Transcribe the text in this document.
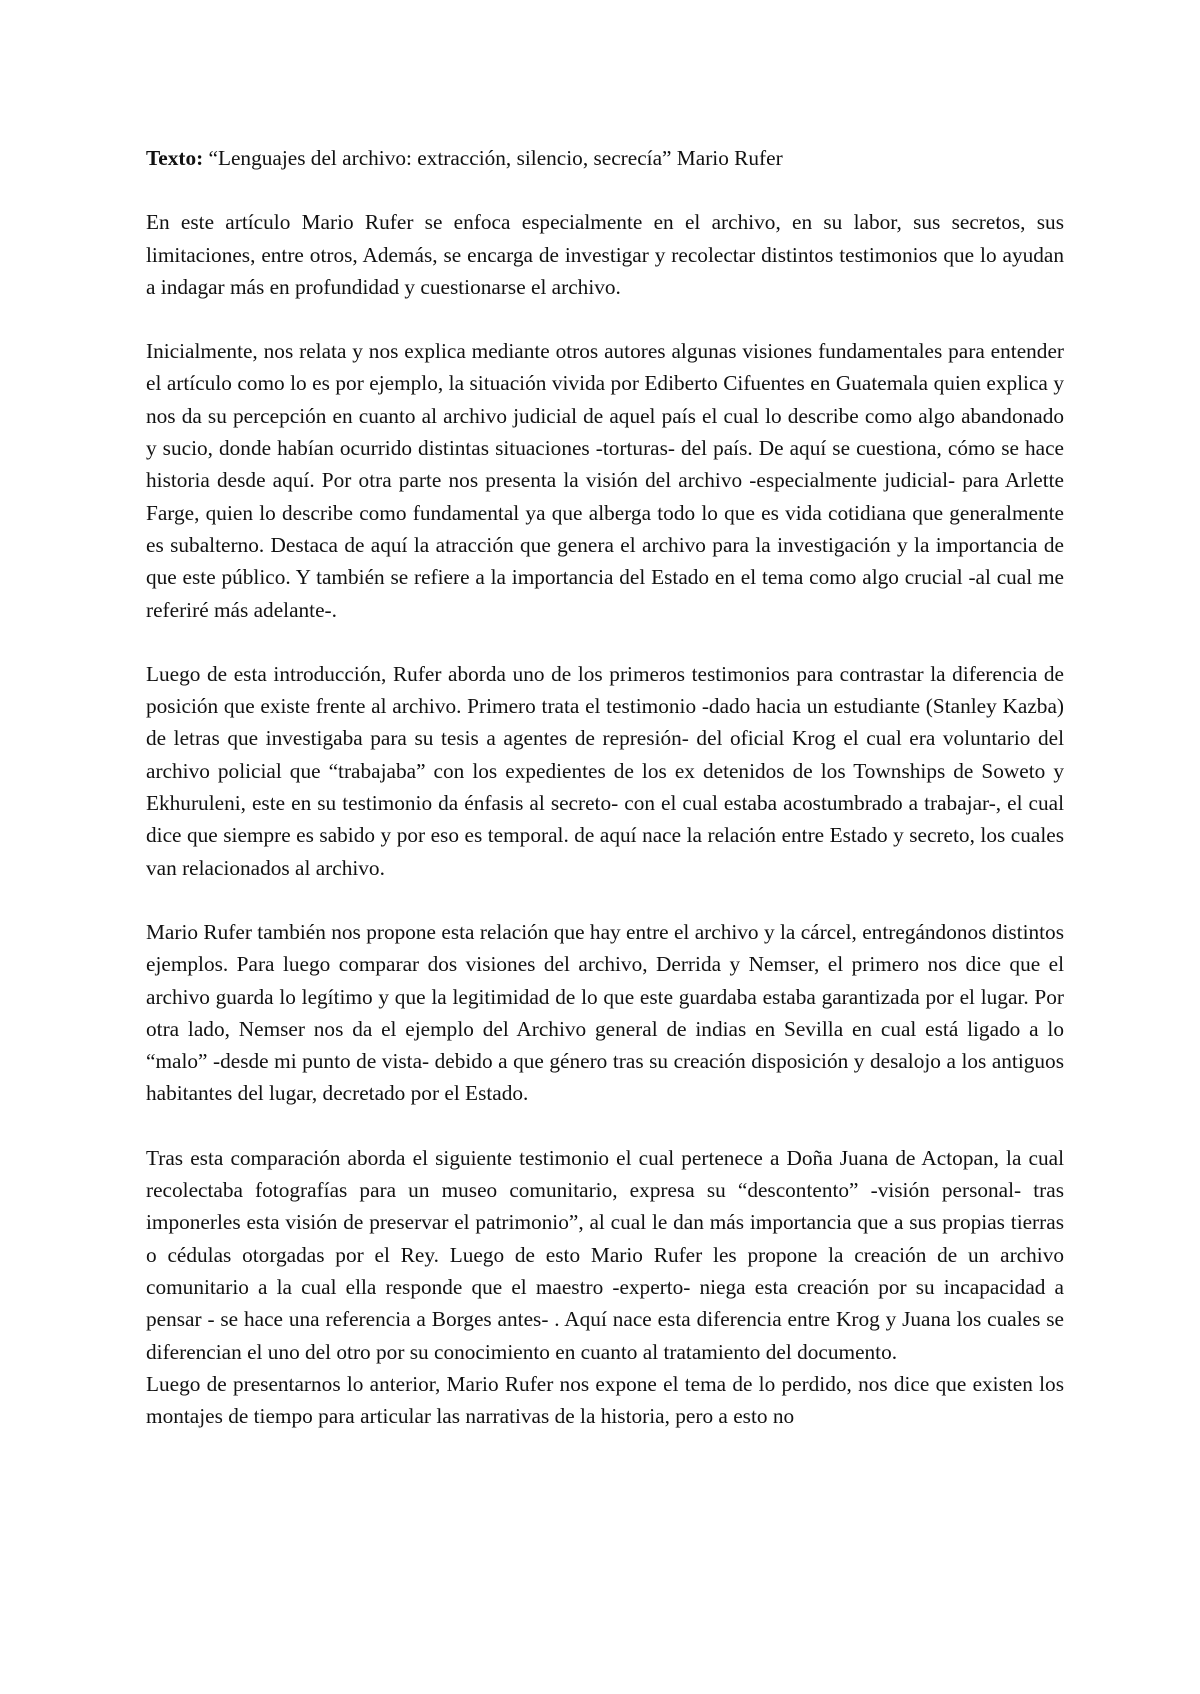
Texto: “Lenguajes del archivo: extracción, silencio, secrecía” Mario Rufer

En este artículo Mario Rufer se enfoca especialmente en el archivo, en su labor, sus secretos, sus limitaciones, entre otros, Además, se encarga de investigar y recolectar distintos testimonios que lo ayudan a indagar más en profundidad y cuestionarse el archivo.

Inicialmente, nos relata y nos explica mediante otros autores algunas visiones fundamentales para entender el artículo como lo es por ejemplo, la situación vivida por Ediberto Cifuentes en Guatemala quien explica y nos da su percepción en cuanto al archivo judicial de aquel país el cual lo describe como algo abandonado y sucio, donde habían ocurrido distintas situaciones -torturas- del país. De aquí se cuestiona, cómo se hace historia desde aquí. Por otra parte nos presenta la visión del archivo -especialmente judicial- para Arlette Farge, quien lo describe como fundamental ya que alberga todo lo que es vida cotidiana que generalmente es subalterno. Destaca de aquí la atracción que genera el archivo para la investigación y la importancia de que este público. Y también se refiere a la importancia del Estado en el tema como algo crucial -al cual me referiré más adelante-.

Luego de esta introducción, Rufer aborda uno de los primeros testimonios para contrastar la diferencia de posición que existe frente al archivo. Primero trata el testimonio -dado hacia un estudiante (Stanley Kazba) de letras que investigaba para su tesis a agentes de represión- del oficial Krog el cual era voluntario del archivo policial que “trabajaba” con los expedientes de los ex detenidos de los Townships de Soweto y Ekhuruleni, este en su testimonio da énfasis al secreto- con el cual estaba acostumbrado a trabajar-, el cual dice que siempre es sabido y por eso es temporal. de aquí nace la relación entre Estado y secreto, los cuales van relacionados al archivo.

Mario Rufer también nos propone esta relación que hay entre el archivo y la cárcel, entregándonos distintos ejemplos. Para luego comparar dos visiones del archivo, Derrida y Nemser, el primero nos dice que el archivo guarda lo legítimo y que la legitimidad de lo que este guardaba estaba garantizada por el lugar. Por otra lado, Nemser nos da el ejemplo del Archivo general de indias en Sevilla en cual está ligado a lo “malo” -desde mi punto de vista- debido a que género tras su creación disposición y desalojo a los antiguos habitantes del lugar, decretado por el Estado.

Tras esta comparación aborda el siguiente testimonio el cual pertenece a Doña Juana de Actopan, la cual recolectaba fotografías para un museo comunitario, expresa su “descontento” -visión personal- tras imponerles esta visión de preservar el patrimonio”, al cual le dan más importancia que a sus propias tierras o cédulas otorgadas por el Rey. Luego de esto Mario Rufer les propone la creación de un archivo comunitario a la cual ella responde que el maestro -experto- niega esta creación por su incapacidad a pensar - se hace una referencia a Borges antes- . Aquí nace esta diferencia entre Krog y Juana los cuales se diferencian el uno del otro por su conocimiento en cuanto al tratamiento del documento.

Luego de presentarnos lo anterior, Mario Rufer nos expone el tema de lo perdido, nos dice que existen los montajes de tiempo para articular las narrativas de la historia, pero a esto no
